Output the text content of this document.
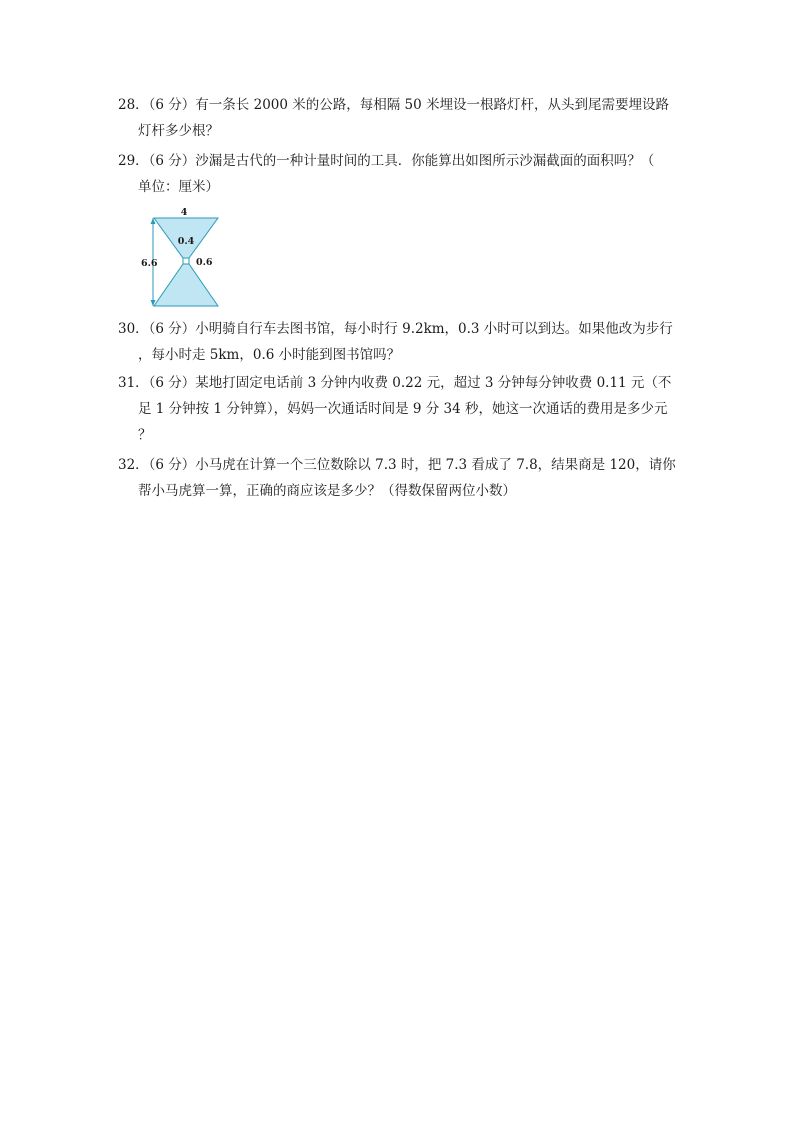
28．（6 分）有一条长 2000 米的公路，每相隔 50 米埋设一根路灯杆，从头到尾需要埋设路
灯杆多少根？
29．（6 分）沙漏是古代的一种计量时间的工具．你能算出如图所示沙漏截面的面积吗？（
单位：厘米）
4
0.4
0.6
6.6
30．（6 分）小明骑自行车去图书馆，每小时行 9.2km，0.3 小时可以到达。如果他改为步行
，每小时走 5km，0.6 小时能到图书馆吗？
31．（6 分）某地打固定电话前 3 分钟内收费 0.22 元，超过 3 分钟每分钟收费 0.11 元（不
足 1 分钟按 1 分钟算），妈妈一次通话时间是 9 分 34 秒，她这一次通话的费用是多少元
？
32．（6 分）小马虎在计算一个三位数除以 7.3 时，把 7.3 看成了 7.8，结果商是 120，请你
帮小马虎算一算，正确的商应该是多少？（得数保留两位小数）
